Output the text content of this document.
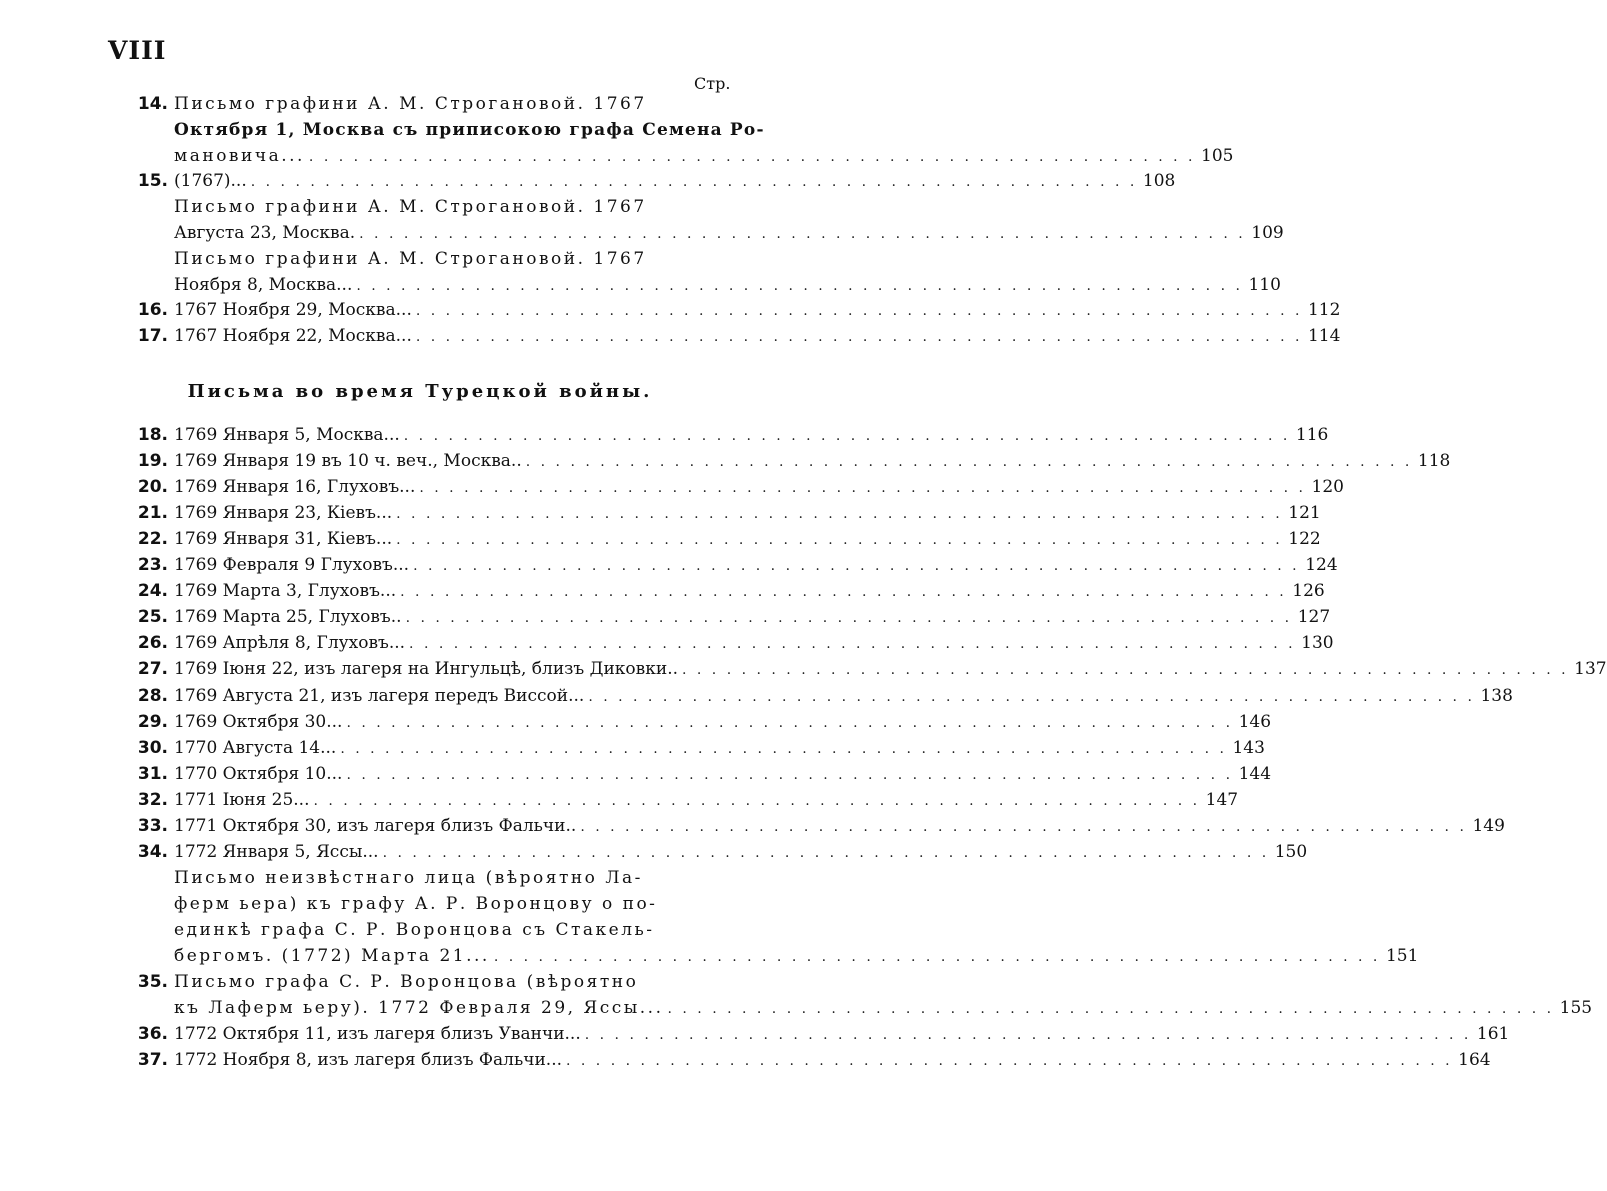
VIII
Стр.
14. Письмо графини А. М. Строгановой. 1767
Октября 1, Москва съ приписокою графа Семена Ро-
мановича... . . . . . . . . . . . . . . . . . . . . . . . . . . . . . . . . . . . . . . . . . . . . . . . . . . . . . . . . . . . . 105
15. (1767)... . . . . . . . . . . . . . . . . . . . . . . . . . . . . . . . . . . . . . . . . . . . . . . . . . . . . . . . . . . . . 108
Письмо графини А. М. Строгановой. 1767
Августа 23, Москва. . . . . . . . . . . . . . . . . . . . . . . . . . . . . . . . . . . . . . . . . . . . . . . . . . . . . . . . . . . . . 109
Письмо графини А. М. Строгановой. 1767
Ноября 8, Москва... . . . . . . . . . . . . . . . . . . . . . . . . . . . . . . . . . . . . . . . . . . . . . . . . . . . . . . . . . . . . 110
16. 1767 Ноября 29, Москва... . . . . . . . . . . . . . . . . . . . . . . . . . . . . . . . . . . . . . . . . . . . . . . . . . . . . . . . . . . . . 112
17. 1767 Ноября 22, Москва... . . . . . . . . . . . . . . . . . . . . . . . . . . . . . . . . . . . . . . . . . . . . . . . . . . . . . . . . . . . . 114
Письма во время Турецкой войны.
18. 1769 Января 5, Москва... . . . . . . . . . . . . . . . . . . . . . . . . . . . . . . . . . . . . . . . . . . . . . . . . . . . . . . . . . . . . 116
19. 1769 Января 19 въ 10 ч. веч., Москва.. . . . . . . . . . . . . . . . . . . . . . . . . . . . . . . . . . . . . . . . . . . . . . . . . . . . . . . . . . . . . 118
20. 1769 Января 16, Глуховъ... . . . . . . . . . . . . . . . . . . . . . . . . . . . . . . . . . . . . . . . . . . . . . . . . . . . . . . . . . . . . 120
21. 1769 Января 23, Кіевъ... . . . . . . . . . . . . . . . . . . . . . . . . . . . . . . . . . . . . . . . . . . . . . . . . . . . . . . . . . . . . 121
22. 1769 Января 31, Кіевъ... . . . . . . . . . . . . . . . . . . . . . . . . . . . . . . . . . . . . . . . . . . . . . . . . . . . . . . . . . . . . 122
23. 1769 Февраля 9 Глуховъ... . . . . . . . . . . . . . . . . . . . . . . . . . . . . . . . . . . . . . . . . . . . . . . . . . . . . . . . . . . . . 124
24. 1769 Марта 3, Глуховъ... . . . . . . . . . . . . . . . . . . . . . . . . . . . . . . . . . . . . . . . . . . . . . . . . . . . . . . . . . . . . 126
25. 1769 Марта 25, Глуховъ.. . . . . . . . . . . . . . . . . . . . . . . . . . . . . . . . . . . . . . . . . . . . . . . . . . . . . . . . . . . . . 127
26. 1769 Апрѣля 8, Глуховъ... . . . . . . . . . . . . . . . . . . . . . . . . . . . . . . . . . . . . . . . . . . . . . . . . . . . . . . . . . . . . 130
27. 1769 Іюня 22, изъ лагеря на Ингульцѣ, близъ Диковки.. . . . . . . . . . . . . . . . . . . . . . . . . . . . . . . . . . . . . . . . . . . . . . . . . . . . . . . . . . . . . 137
28. 1769 Августа 21, изъ лагеря передъ Виссой... . . . . . . . . . . . . . . . . . . . . . . . . . . . . . . . . . . . . . . . . . . . . . . . . . . . . . . . . . . . . 138
29. 1769 Октября 30... . . . . . . . . . . . . . . . . . . . . . . . . . . . . . . . . . . . . . . . . . . . . . . . . . . . . . . . . . . . . 146
30. 1770 Августа 14... . . . . . . . . . . . . . . . . . . . . . . . . . . . . . . . . . . . . . . . . . . . . . . . . . . . . . . . . . . . . 143
31. 1770 Октября 10... . . . . . . . . . . . . . . . . . . . . . . . . . . . . . . . . . . . . . . . . . . . . . . . . . . . . . . . . . . . . 144
32. 1771 Іюня 25... . . . . . . . . . . . . . . . . . . . . . . . . . . . . . . . . . . . . . . . . . . . . . . . . . . . . . . . . . . . . 147
33. 1771 Октября 30, изъ лагеря близъ Фальчи.. . . . . . . . . . . . . . . . . . . . . . . . . . . . . . . . . . . . . . . . . . . . . . . . . . . . . . . . . . . . . 149
34. 1772 Января 5, Яссы... . . . . . . . . . . . . . . . . . . . . . . . . . . . . . . . . . . . . . . . . . . . . . . . . . . . . . . . . . . . . 150
Письмо неизвѣстнаго лица (вѣроятно Ла-
ферм ьера) къ графу А. Р. Воронцову о по-
единкѣ графа С. Р. Воронцова съ Стакель-
бергомъ. (1772) Марта 21... . . . . . . . . . . . . . . . . . . . . . . . . . . . . . . . . . . . . . . . . . . . . . . . . . . . . . . . . . . . . 151
35. Письмо графа С. Р. Воронцова (вѣроятно
къ Лаферм ьеру). 1772 Февраля 29, Яссы... . . . . . . . . . . . . . . . . . . . . . . . . . . . . . . . . . . . . . . . . . . . . . . . . . . . . . . . . . . . . 155
36. 1772 Октября 11, изъ лагеря близъ Уванчи... . . . . . . . . . . . . . . . . . . . . . . . . . . . . . . . . . . . . . . . . . . . . . . . . . . . . . . . . . . . . 161
37. 1772 Ноября 8, изъ лагеря близъ Фальчи... . . . . . . . . . . . . . . . . . . . . . . . . . . . . . . . . . . . . . . . . . . . . . . . . . . . . . . . . . . . . 164
